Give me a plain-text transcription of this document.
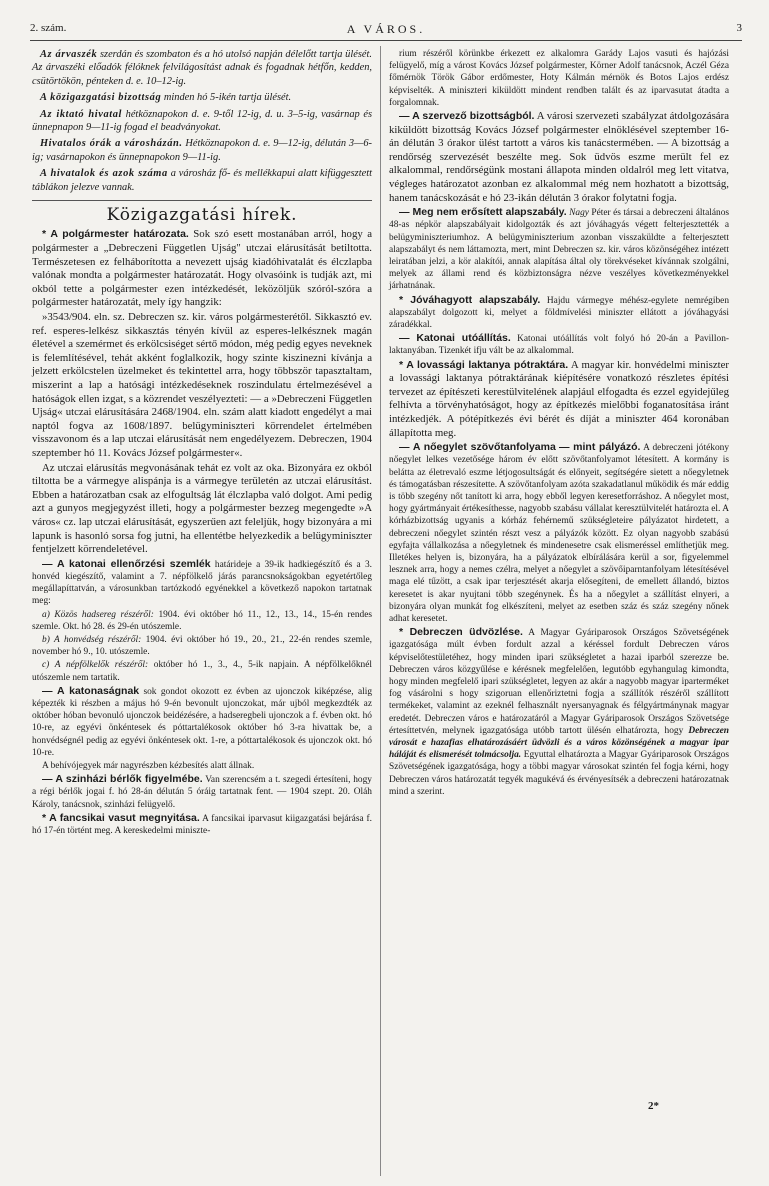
2. szám.	A VÁROS.	3

Az árvaszék szerdán és szombaton és a hó utolsó napján délelőtt tartja ülését. Az árvaszéki előadók félóknek felvilágosítást adnak és fogadnak hétfőn, kedden, csütörtökön, pénteken d. e. 10–12-ig.

A közigazgatási bizottság minden hó 5-ikén tartja ülését.

Az iktató hivatal hétköznapokon d. e. 9-től 12-ig, d. u. 3–5-ig, vasárnap és ünnepnapon 9—11-ig fogad el beadványokat.

Hivatalos órák a városházán. Hétköznapokon d. e. 9—12-ig, délután 3—6-ig; vasárnapokon és ünnepnapokon 9—11-ig.

A hivatalok és azok száma a városház fő- és mellékkapui alatt kifüggesztett táblákon jelezve vannak.

Közigazgatási hírek.

* A polgármester határozata. Sok szó esett mostanában arról, hogy a polgármester a „Debreczeni Független Ujság" utczai elárusítását betiltotta. Természetesen ez felháborította a nevezett ujság kiadóhivatalát és élczlapba valónak mondta a polgármester határozatát. Hogy olvasóink is tudják azt, mi okból tette a polgármester ezen intézkedését, leközöljük szóról-szóra a polgármester határozatát, mely így hangzik:

»3543/904. eln. sz. Debreczen sz. kir. város polgármesterétől. Sikkasztó ev. ref. esperes-lelkész sikkasztás tényén kívül az esperes-lelkésznek magán életével a szemérmet és erkölcsiséget sértő módon, még pedig egyes neveknek is felemlítésével, tehát akként foglalkozik, hogy szinte kiszinezni kívánja a jelzett erkölcstelen üzelmeket és tekintettel arra, hogy többször tapasztaltam, miszerint a lap a hatósági intézkedéseknek roszindulatu értelmezésével a hatóságok ellen izgat, s a közrendet veszélyezteti: — a »Debreczeni Független Ujság« utczai elárusítására 2468/1904. eln. szám alatt kiadott engedélyt a mai naptól fogva az 1608/1897. belügyminiszteri körrendelet értelmében visszavonom és a lap utczai elárusítását nem engedélyezem. Debreczen, 1904 szeptember hó 11. Kovács József polgármester«.

Az utczai elárusítás megvonásának tehát ez volt az oka. Bizonyára ez okból tiltotta be a vármegye alispánja is a vármegye területén az utczai elárusítást. Ebben a határozatban csak az elfogultság lát élczlapba való dolgot. Ami pedig azt a gunyos megjegyzést illeti, hogy a polgármester bezzeg megengedte »A város« cz. lap utczai elárusítását, egyszerűen azt feleljük, hogy bizonyára a mi lapunk is hasonló sorsa fog jutni, ha ellentétbe helyezkedik a belügyminiszter fentjelzett körrendeletével.

— A katonai ellenőrzési szemlék határideje a 39-ik hadkiegészítő és a 3. honvéd kiegészítő, valamint a 7. népfölkelő járás parancsnokságokban egyetértőleg megállapíttatván, a városunkban tartózkodó egyénekkel a következő napokon tartatnak meg:

a) Közös hadsereg részéről: 1904. évi október hó 11., 12., 13., 14., 15-én rendes szemle. Okt. hó 28. és 29-én utószemle.

b) A honvédség részéről: 1904. évi október hó 19., 20., 21., 22-én rendes szemle, november hó 9., 10. utószemle.

c) A népfölkelők részéről: október hó 1., 3., 4., 5-ik napjain. A népfölkelőknél utószemle nem tartatik.

— A katonaságnak sok gondot okozott ez évben az ujonczok kiképzése, alig képezték ki részben a május hó 9-én bevonult ujonczokat, már ujból megkezdték az október hóban bevonuló ujonczok beidézésére, a hadseregbeli ujonczok a f. évben okt. hó 10-re, az egyévi önkéntesek és póttartalékosok október hó 3-ra hivattak be, a honvédségnél pedig az egyévi önkéntesek okt. 1-re, a póttartalékosok és ujonczok okt. hó 10-re.

A behívójegyek már nagyrészben kézbesítés alatt állnak.

— A szinházi bérlők figyelmébe. Van szerencsém a t. szegedi értesíteni, hogy a régi bérlők jogai f. hó 28-án délután 5 óráig tartatnak fent. — 1904 szept. 20. Oláh Károly, tanácsnok, szinházi felügyelő.

* A fancsikai vasut megnyitása. A fancsikai iparvasut kiigazgatási bejárása f. hó 17-én történt meg. A kereskedelmi miniszte-

rium részéről körünkbe érkezett ez alkalomra Garády Lajos vasuti és hajózási felügyelő, míg a várost Kovács József polgármester, Körner Adolf tanácsnok, Aczél Géza főmérnök Török Gábor erdőmester, Hoty Kálmán mérnök és Botos Lajos erdész képviselték. A miniszteri kiküldött mindent rendben talált és az iparvasutat átadta a forgalomnak.

— A szervező bizottságból. A városi szervezeti szabályzat átdolgozására kiküldött bizottság Kovács József polgármester elnöklésével szeptember 16-án délután 3 órakor ülést tartott a város kis tanácstermében. — A bizottság a rendőrség szervezését beszélte meg. Sok üdvös eszme merült fel ez alkalommal, rendőrségünk mostani állapota minden oldalról meg lett vitatva, végleges határozatot azonban ez alkalommal még nem hozhatott a bizottság, hanem tanácskozását e hó 23-ikán délután 3 órakor folytatni fogja.

— Meg nem erősített alapszabály. Nagy Péter és társai a debreczeni általános 48-as népkör alapszabályait kidolgozták és azt jóváhagyás végett felterjesztették a belügyminiszteriumhoz. A belügyminiszterium azonban visszaküldte a felterjesztett alapszabályt és nem láttamozta, mert, mint Debreczen sz. kir. város közönségéhez intézett leiratában jelzi, a kör alakítói, annak alapítása által oly törekvéseket kívánnak szolgálni, melyek az állami rend és közbiztonságra nézve veszélyes következményekkel járhatnának.

* Jóváhagyott alapszabály. Hajdu vármegye méhész-egylete nemrégiben alapszabályt dolgozott ki, melyet a földmívelési miniszter ellátott a jóváhagyási záradékkal.

— Katonai utóállítás. Katonai utóállítás volt folyó hó 20-án a Pavillon-laktanyában. Tizenkét ifju vált be az alkalommal.

* A lovassági laktanya pótraktára. A magyar kir. honvédelmi miniszter a lovassági laktanya pótraktárának kiépítésére vonatkozó részletes építési tervezet az építészeti kerestülvitelének alapjául elfogadta és ezzel egyidejűleg felhívta a törvényhatóságot, hogy az építkezés mielőbbi foganatosítása iránt intézkedjék. A pótépítkezés évi bérét és díját a miniszter 464 koronában állapította meg.

— A nőegylet szövőtanfolyama — mint pályázó. A debreczeni jótékony nőegylet lelkes vezetősége három év előtt szövőtanfolyamot létesített. A kormány is belátta az életrevaló eszme létjogosultságát és előnyeit, segítségére sietett a nőegyletnek és támogatásban részesítette. A szövőtanfolyam azóta szakadatlanul működik és már eddig is több szegény nőt tanított ki arra, hogy ebből legyen keresetforráshoz. A nőegylet most, hogy gyártmányait értékesíthesse, nagyobb szabásu vállalat keresztülvitelét határozta el. A kórházbizottság ugyanis a kórház fehérnemű szükségleteire pályázatot hirdetett, a debreczeni nőegylet szintén részt vesz a pályázók között. Ez olyan nagyobb szabású egyfajta vállalkozása a nőegyletnek és mindenesetre csak elismeréssel említhetjük meg. Illetékes helyen is, bizonyára, ha a pályázatok elbírálására kerül a sor, figyelemmel lesznek arra, hogy a nemes czélra, melyet a nőegylet a szövőiparntanfolyam létesítésével maga elé tűzött, a csak ipar terjesztését akarja elősegíteni, de emellett állandó, biztos keresetet is akar nyujtani több szegénynek. És ha a nőegylet a szállítást elnyeri, a bizonyára olyan munkát fog elkészíteni, melyet az esetben száz és száz szegény nőnek adhat keresetet.

* Debreczen üdvözlése. A Magyar Gyáriparosok Országos Szövetségének igazgatósága múlt évben fordult azzal a kéréssel fordult Debreczen város képviselőtestületéhez, hogy minden ipari szükségletet a hazai iparból szerezze be. Debreczen város közgyűlése e kérésnek megfelelően, legutóbb egyhangulag kimondta, hogy minden megfelelő ipari szükségletet, legyen az akár a nagyobb magyar iparterméket fog vásárolni s hogy szigoruan ellenőriztetni fogja a szállítók részéről szállított termékeket, valamint az ezeknél felhasznált nyersanyagnak és félgyártmánynak magyar eredetét. Debreczen város e határozatáról a Magyar Gyáriparosok Országos Szövetsége értesíttetvén, melynek igazgatósága utóbb tartott ülésén elhatározta, hogy Debreczen városát e hazafias elhatározásáért üdvözli és a város közönségének a magyar ipar háláját és elismerését tolmácsolja. Egyuttal elhatározta a Magyar Gyáriparosok Országos Szövetségének igazgatósága, hogy a többi magyar városokat szintén fel fogja kérni, hogy Debreczen város határozatát tegyék magukévá és érvényesítsék a debreczeni határozatnak mind a szerint.

2*
